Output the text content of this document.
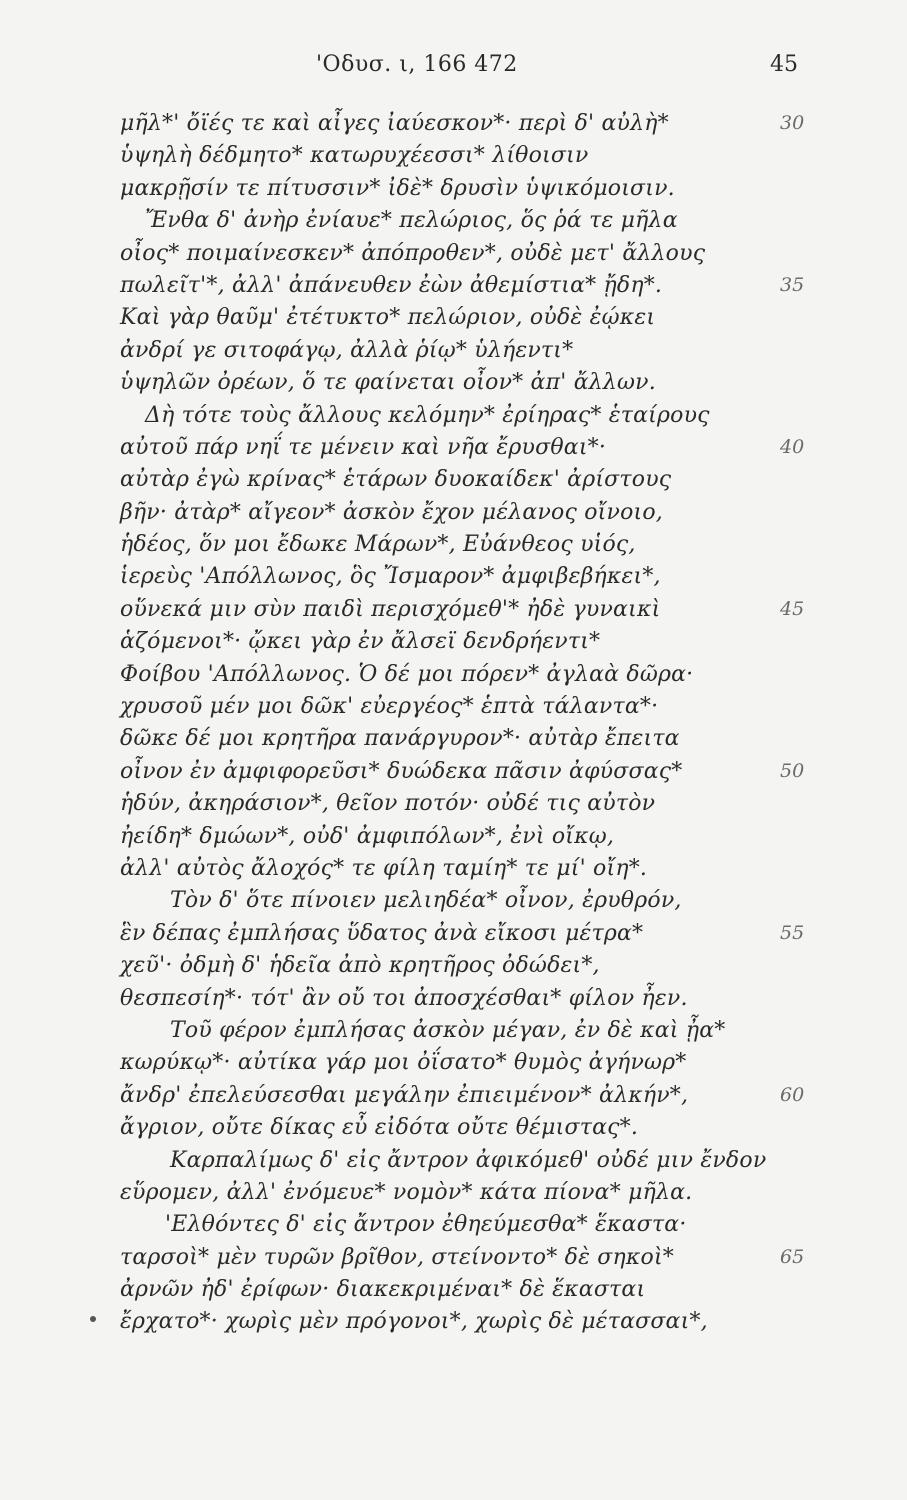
'Οδυσ. ι, 166 472	45
μῆλ*' ὄϊές τε καὶ αἶγες ἰαύεσκον*· περὶ δ' αὐλὴ*	30
ὑψηλὴ δέδμητο* κατωρυχέεσσι* λίθοισιν
μακρῇσίν τε πίτυσσιν* ἰδὲ* δρυσὶν ὑψικόμοισιν.
Ἔνθα δ' ἀνὴρ ἐνίαυε* πελώριος, ὅς ῥά τε μῆλα
οἶος* ποιμαίνεσκεν* ἀπόπροθεν*, οὐδὲ μετ' ἄλλους
πωλεῖτ'*, ἀλλ' ἀπάνευθεν ἐὼν ἀθεμίστια* ᾔδη*.	35
Καὶ γὰρ θαῦμ' ἐτέτυκτο* πελώριον, οὐδὲ ἐῴκει
ἀνδρί γε σιτοφάγῳ, ἀλλὰ ῥίῳ* ὑλήεντι*
ὑψηλῶν ὀρέων, ὅ τε φαίνεται οἶον* ἀπ' ἄλλων.
Δὴ τότε τοὺς ἄλλους κελόμην* ἐρίηρας* ἑταίρους
αὐτοῦ πάρ νηΐ τε μένειν καὶ νῆα ἔρυσθαι*·	40
αὐτὰρ ἐγὼ κρίνας* ἑτάρων δυοκαίδεκ' ἀρίστους
βῆν· ἀτὰρ* αἴγεον* ἀσκὸν ἔχον μέλανος οἴνοιο,
ἡδέος, ὅν μοι ἔδωκε Μάρων*, Εὐάνθεος υἱός,
ἱερεὺς 'Απόλλωνος, ὃς Ἴσμαρον* ἀμφιβεβήκει*,
οὕνεκά μιν σὺν παιδὶ περισχόμεθ'* ἠδὲ γυναικὶ	45
ἁζόμενοι*· ᾤκει γὰρ ἐν ἄλσεϊ δενδρήεντι*
Φοίβου 'Απόλλωνος. Ὁ δέ μοι πόρεν* ἀγλαὰ δῶρα·
χρυσοῦ μέν μοι δῶκ' εὐεργέος* ἑπτὰ τάλαντα*·
δῶκε δέ μοι κρητῆρα πανάργυρον*· αὐτὰρ ἔπειτα
οἶνον ἐν ἀμφιφορεῦσι* δυώδεκα πᾶσιν ἀφύσσας*	50
ἡδύν, ἀκηράσιον*, θεῖον ποτόν· οὐδέ τις αὐτὸν
ἠείδη* δμώων*, οὐδ' ἀμφιπόλων*, ἐνὶ οἴκῳ,
ἀλλ' αὐτὸς ἄλοχός* τε φίλη ταμίη* τε μί' οἴη*.
Τὸν δ' ὅτε πίνοιεν μελιηδέα* οἶνον, ἐρυθρόν,
ἓν δέπας ἐμπλήσας ὕδατος ἀνὰ εἴκοσι μέτρα*	55
χεῦ'· ὀδμὴ δ' ἡδεῖα ἀπὸ κρητῆρος ὀδώδει*,
θεσπεσίη*· τότ' ἂν οὔ τοι ἀποσχέσθαι* φίλον ἦεν.
Τοῦ φέρον ἐμπλήσας ἀσκὸν μέγαν, ἐν δὲ καὶ ᾖα*
κωρύκῳ*· αὐτίκα γάρ μοι ὀΐσατο* θυμὸς ἀγήνωρ*
ἄνδρ' ἐπελεύσεσθαι μεγάλην ἐπιειμένον* ἀλκήν*,	60
ἄγριον, οὔτε δίκας εὖ εἰδότα οὔτε θέμιστας*.
Καρπαλίμως δ' εἰς ἄντρον ἀφικόμεθ' οὐδέ μιν ἔνδον
εὕρομεν, ἀλλ' ἐνόμευε* νομὸν* κάτα πίονα* μῆλα.
'Ελθόντες δ' εἰς ἄντρον ἐθηεύμεσθα* ἕκαστα·
ταρσοὶ* μὲν τυρῶν βρῖθον, στείνοντο* δὲ σηκοὶ*	65
ἀρνῶν ἠδ' ἐρίφων· διακεκριμέναι* δὲ ἕκασται
ἔρχατο*· χωρὶς μὲν πρόγονοι*, χωρὶς δὲ μέτασσαι*,
